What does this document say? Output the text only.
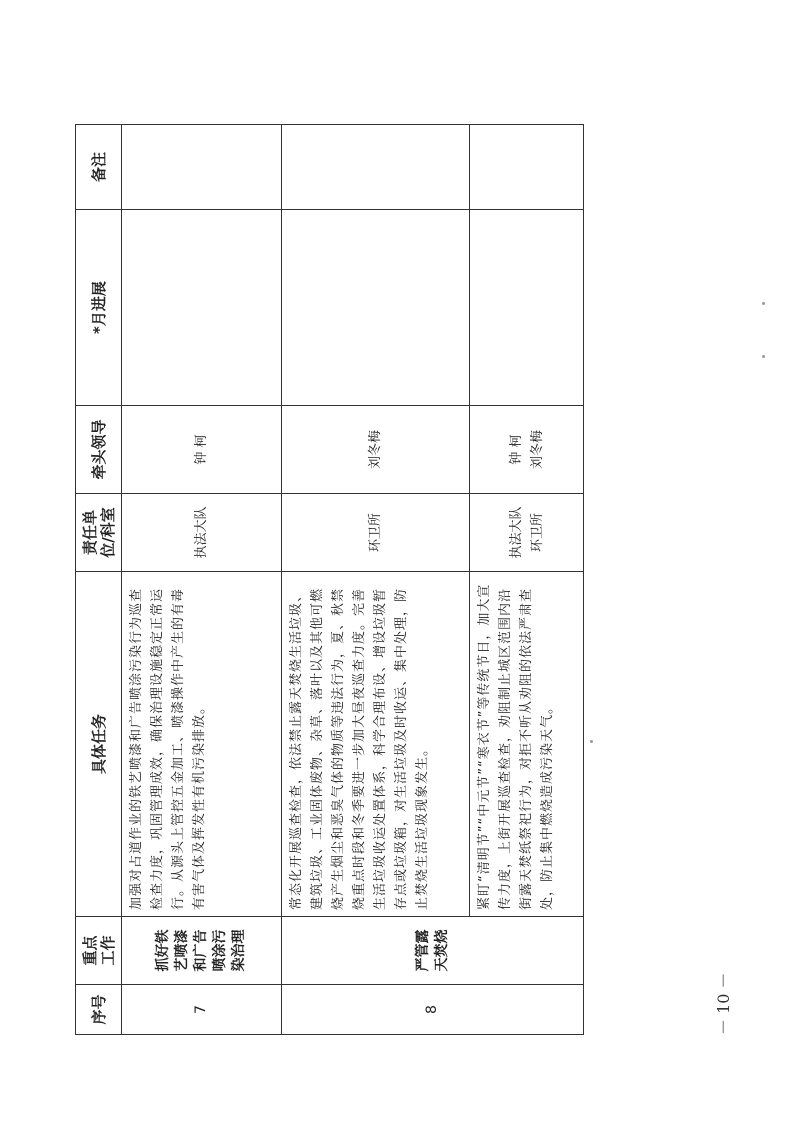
序号	重点工作	具体任务	责任单位/科室	牵头领导	*月进展	备注
7	抓好铁艺喷漆和广告喷涂污染治理	加强对占道作业的铁艺喷漆和广告喷涂污染行为巡查检查力度，巩固管理成效，确保治理设施稳定正常运行。从源头上管控五金加工、喷漆操作中产生的有毒有害气体及挥发性有机污染排放。	执法大队	钟 柯		
8	严管露天焚烧	常态化开展巡查检查，依法禁止露天焚烧生活垃圾、建筑垃圾、工业固体废物、杂草、落叶以及其他可燃烧产生烟尘和恶臭气体的物质等违法行为，夏、秋禁烧重点时段和冬季要进一步加大昼夜巡查力度。完善生活垃圾收运处置体系，科学合理布设、增设垃圾暂存点或垃圾箱，对生活垃圾及时收运、集中处理，防止焚烧生活垃圾现象发生。	环卫所	刘冬梅		
		紧盯“清明节”“中元节”“寒衣节”等传统节日，加大宣传力度，上街开展巡查检查，劝阻制止城区范围内沿街露天焚纸祭祀行为，对拒不听从劝阻的依法严肃查处，防止集中燃烧造成污染天气。	执法大队 环卫所	钟 柯 刘冬梅		

－ 10 －
